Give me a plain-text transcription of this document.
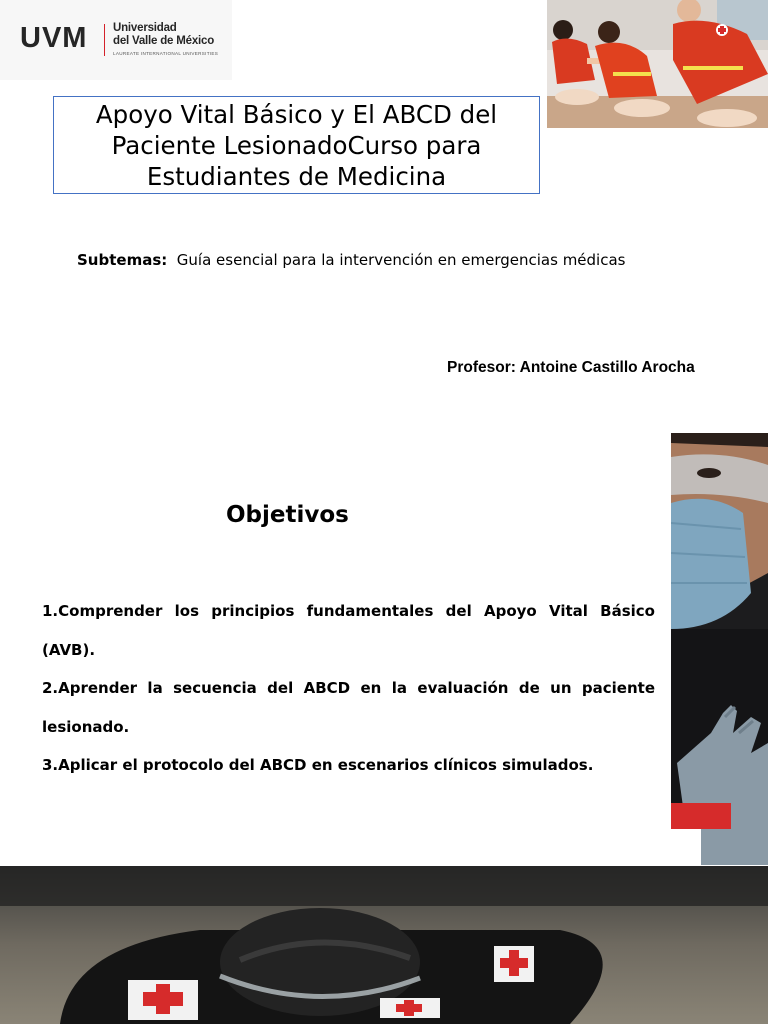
UVM Universidad
del Valle de México
LAUREATE INTERNATIONAL UNIVERSITIES
Apoyo Vital Básico y El ABCD del Paciente LesionadoCurso para Estudiantes de Medicina
Subtemas: Guía esencial para la intervención en emergencias médicas
Profesor: Antoine Castillo Arocha
Objetivos

1.Comprender los principios fundamentales del Apoyo Vital Básico (AVB).

2.Aprender la secuencia del ABCD en la evaluación de un paciente lesionado.

3.Aplicar el protocolo del ABCD en escenarios clínicos simulados.
